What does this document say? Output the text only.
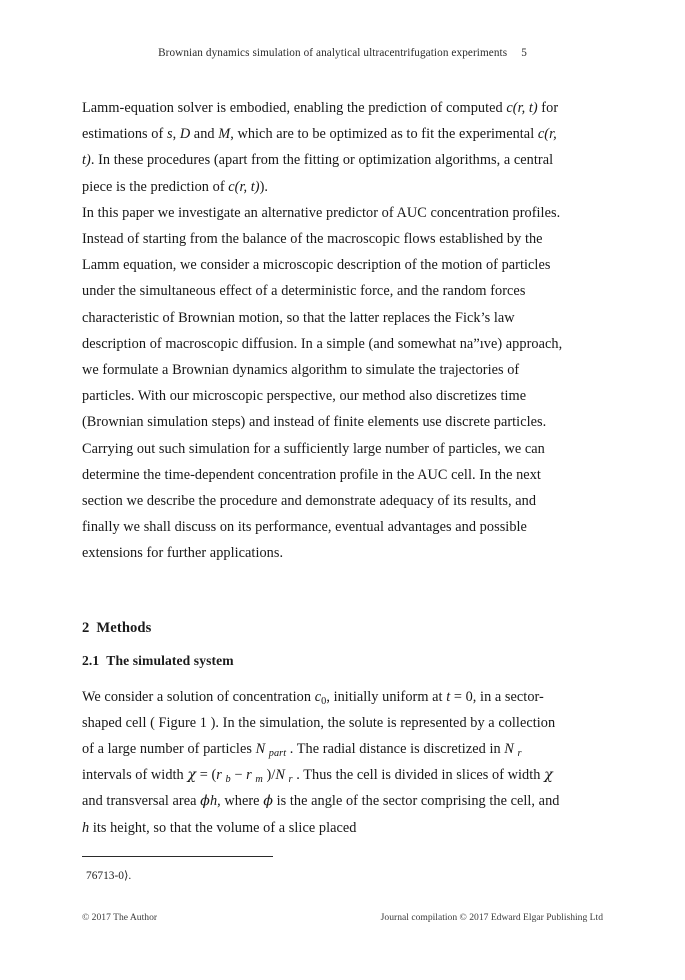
Brownian dynamics simulation of analytical ultracentrifugation experiments 5

Lamm-equation solver is embodied, enabling the prediction of computed c(r, t) for estimations of s, D and M, which are to be optimized as to fit the experimental c(r, t). In these procedures (apart from the fitting or optimization algorithms, a central piece is the prediction of c(r, t)).

In this paper we investigate an alternative predictor of AUC concentration profiles. Instead of starting from the balance of the macroscopic flows established by the Lamm equation, we consider a microscopic description of the motion of particles under the simultaneous effect of a deterministic force, and the random forces characteristic of Brownian motion, so that the latter replaces the Fick’s law description of macroscopic diffusion. In a simple (and somewhat na”ıve) approach, we formulate a Brownian dynamics algorithm to simulate the trajectories of particles. With our microscopic perspective, our method also discretizes time (Brownian simulation steps) and instead of finite elements use discrete particles. Carrying out such simulation for a sufficiently large number of particles, we can determine the time-dependent concentration profile in the AUC cell. In the next section we describe the procedure and demonstrate adequacy of its results, and finally we shall discuss on its performance, eventual advantages and possible extensions for further applications.

2 Methods
2.1 The simulated system

We consider a solution of concentration $c_0$, initially uniform at t = 0, in a sector-shaped cell ( Figure 1 ). In the simulation, the solute is represented by a collection of a large number of particles N $_{part}$ . The radial distance is discretized in N $_r$ intervals of width χ = (r $_b$ − r $_m$ )/N $_r$ . Thus the cell is divided in slices of width χ and transversal area ϕh, where ϕ is the angle of the sector comprising the cell, and h its height, so that the volume of a slice placed

76713-0⟩.
© 2017 The Author	Journal compilation © 2017 Edward Elgar Publishing Ltd
